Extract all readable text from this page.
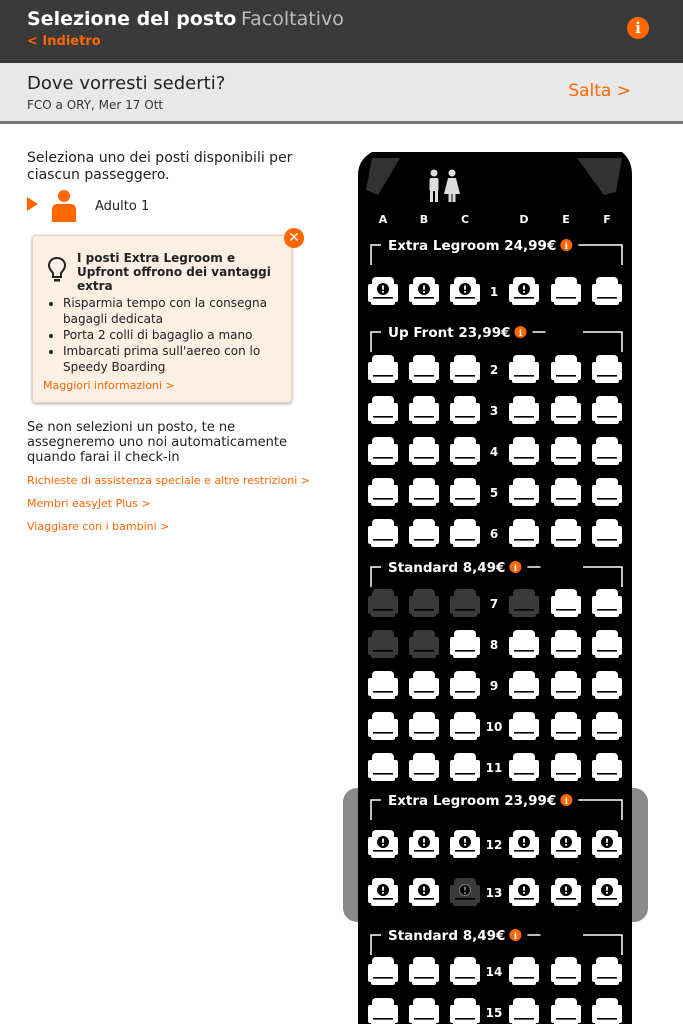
Selezione del posto Facoltativo
< Indietro
i
Dove vorresti sederti?
FCO a ORY, Mer 17 Ott
Salta >

Seleziona uno dei posti disponibili per ciascun passeggero.

Adulto 1
✕

I posti Extra Legroom e Upfront offrono dei vantaggi extra

• Risparmia tempo con la consegna bagagli dedicata
• Porta 2 colli di bagaglio a mano
• Imbarcati prima sull'aereo con lo Speedy Boarding
Maggiori informazioni >

Se non selezioni un posto, te ne assegneremo uno noi automaticamente quando farai il check-in

Richieste di assistenza speciale e altre restrizioni >
Membri easyJet Plus >
Viaggiare con i bambini >
A	B	C	D	E	F
Extra Legroom 24,99€ i
1
Up Front 23,99€ i
2
3
4
5
6
Standard 8,49€ i
7
8
9
10
11
Extra Legroom 23,99€ i
12
13
Standard 8,49€ i
14
15
